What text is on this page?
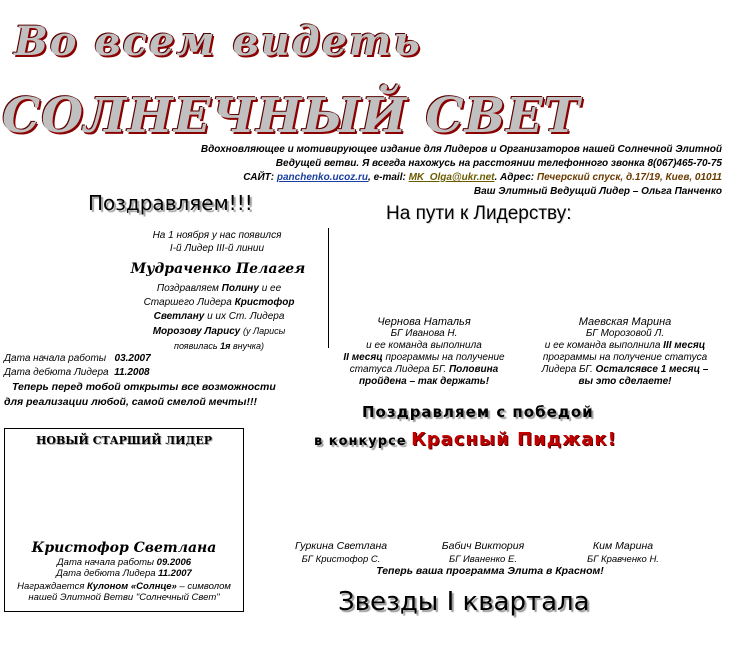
Во всем видеть
СОЛНЕЧНЫЙ СВЕТ
Вдохновляющее и мотивирующее издание для Лидеров и Организаторов нашей Солнечной Элитной
Ведущей ветви. Я всегда нахожусь на расстоянии телефонного звонка 8(067)465-70-75
САЙТ: panchenko.ucoz.ru, e-mail: MK_Olga@ukr.net. Адрес: Печерский спуск, д.17/19, Киев, 01011
Ваш Элитный Ведущий Лидер – Ольга Панченко
Поздравляем!!!
На 1 ноября у нас появился
I-й Лидер III-й линии
Мудраченко Пелагея
Поздравляем Полину и ее
Старшего Лидера Кристофор
Светлану и их Ст. Лидера
Морозову Ларису (у Ларисы
появилась 1я внучка)
Дата начала работы 03.2007
Дата дебюта Лидера 11.2008
Теперь перед тобой открыты все возможности
для реализации любой, самой смелой мечты!!!
На пути к Лидерству:
Чернова Наталья
БГ Иванова Н.
и ее команда выполнила
II месяц программы на получение
статуса Лидера БГ. Половина
пройдена – так держать!
Маевская Марина
БГ Морозовой Л.
и ее команда выполнила III месяц
программы на получение статуса
Лидера БГ. Осталсявсе 1 месяц –
вы это сделаете!
Поздравляем с победой
в конкурсе Красный Пиджак!
НОВЫЙ СТАРШИЙ ЛИДЕР
Кристофор Светлана
Дата начала работы 09.2006
Дата дебюта Лидера 11.2007
Награждается Кулоном «Солнце» – символом
нашей Элитной Ветви "Солнечный Свет"
Гуркина Светлана
БГ Кристофор С.
Бабич Виктория
БГ Иваненко Е.
Ким Марина
БГ Кравченко Н.
Теперь ваша программа Элита в Красном!
Звезды I квартала
